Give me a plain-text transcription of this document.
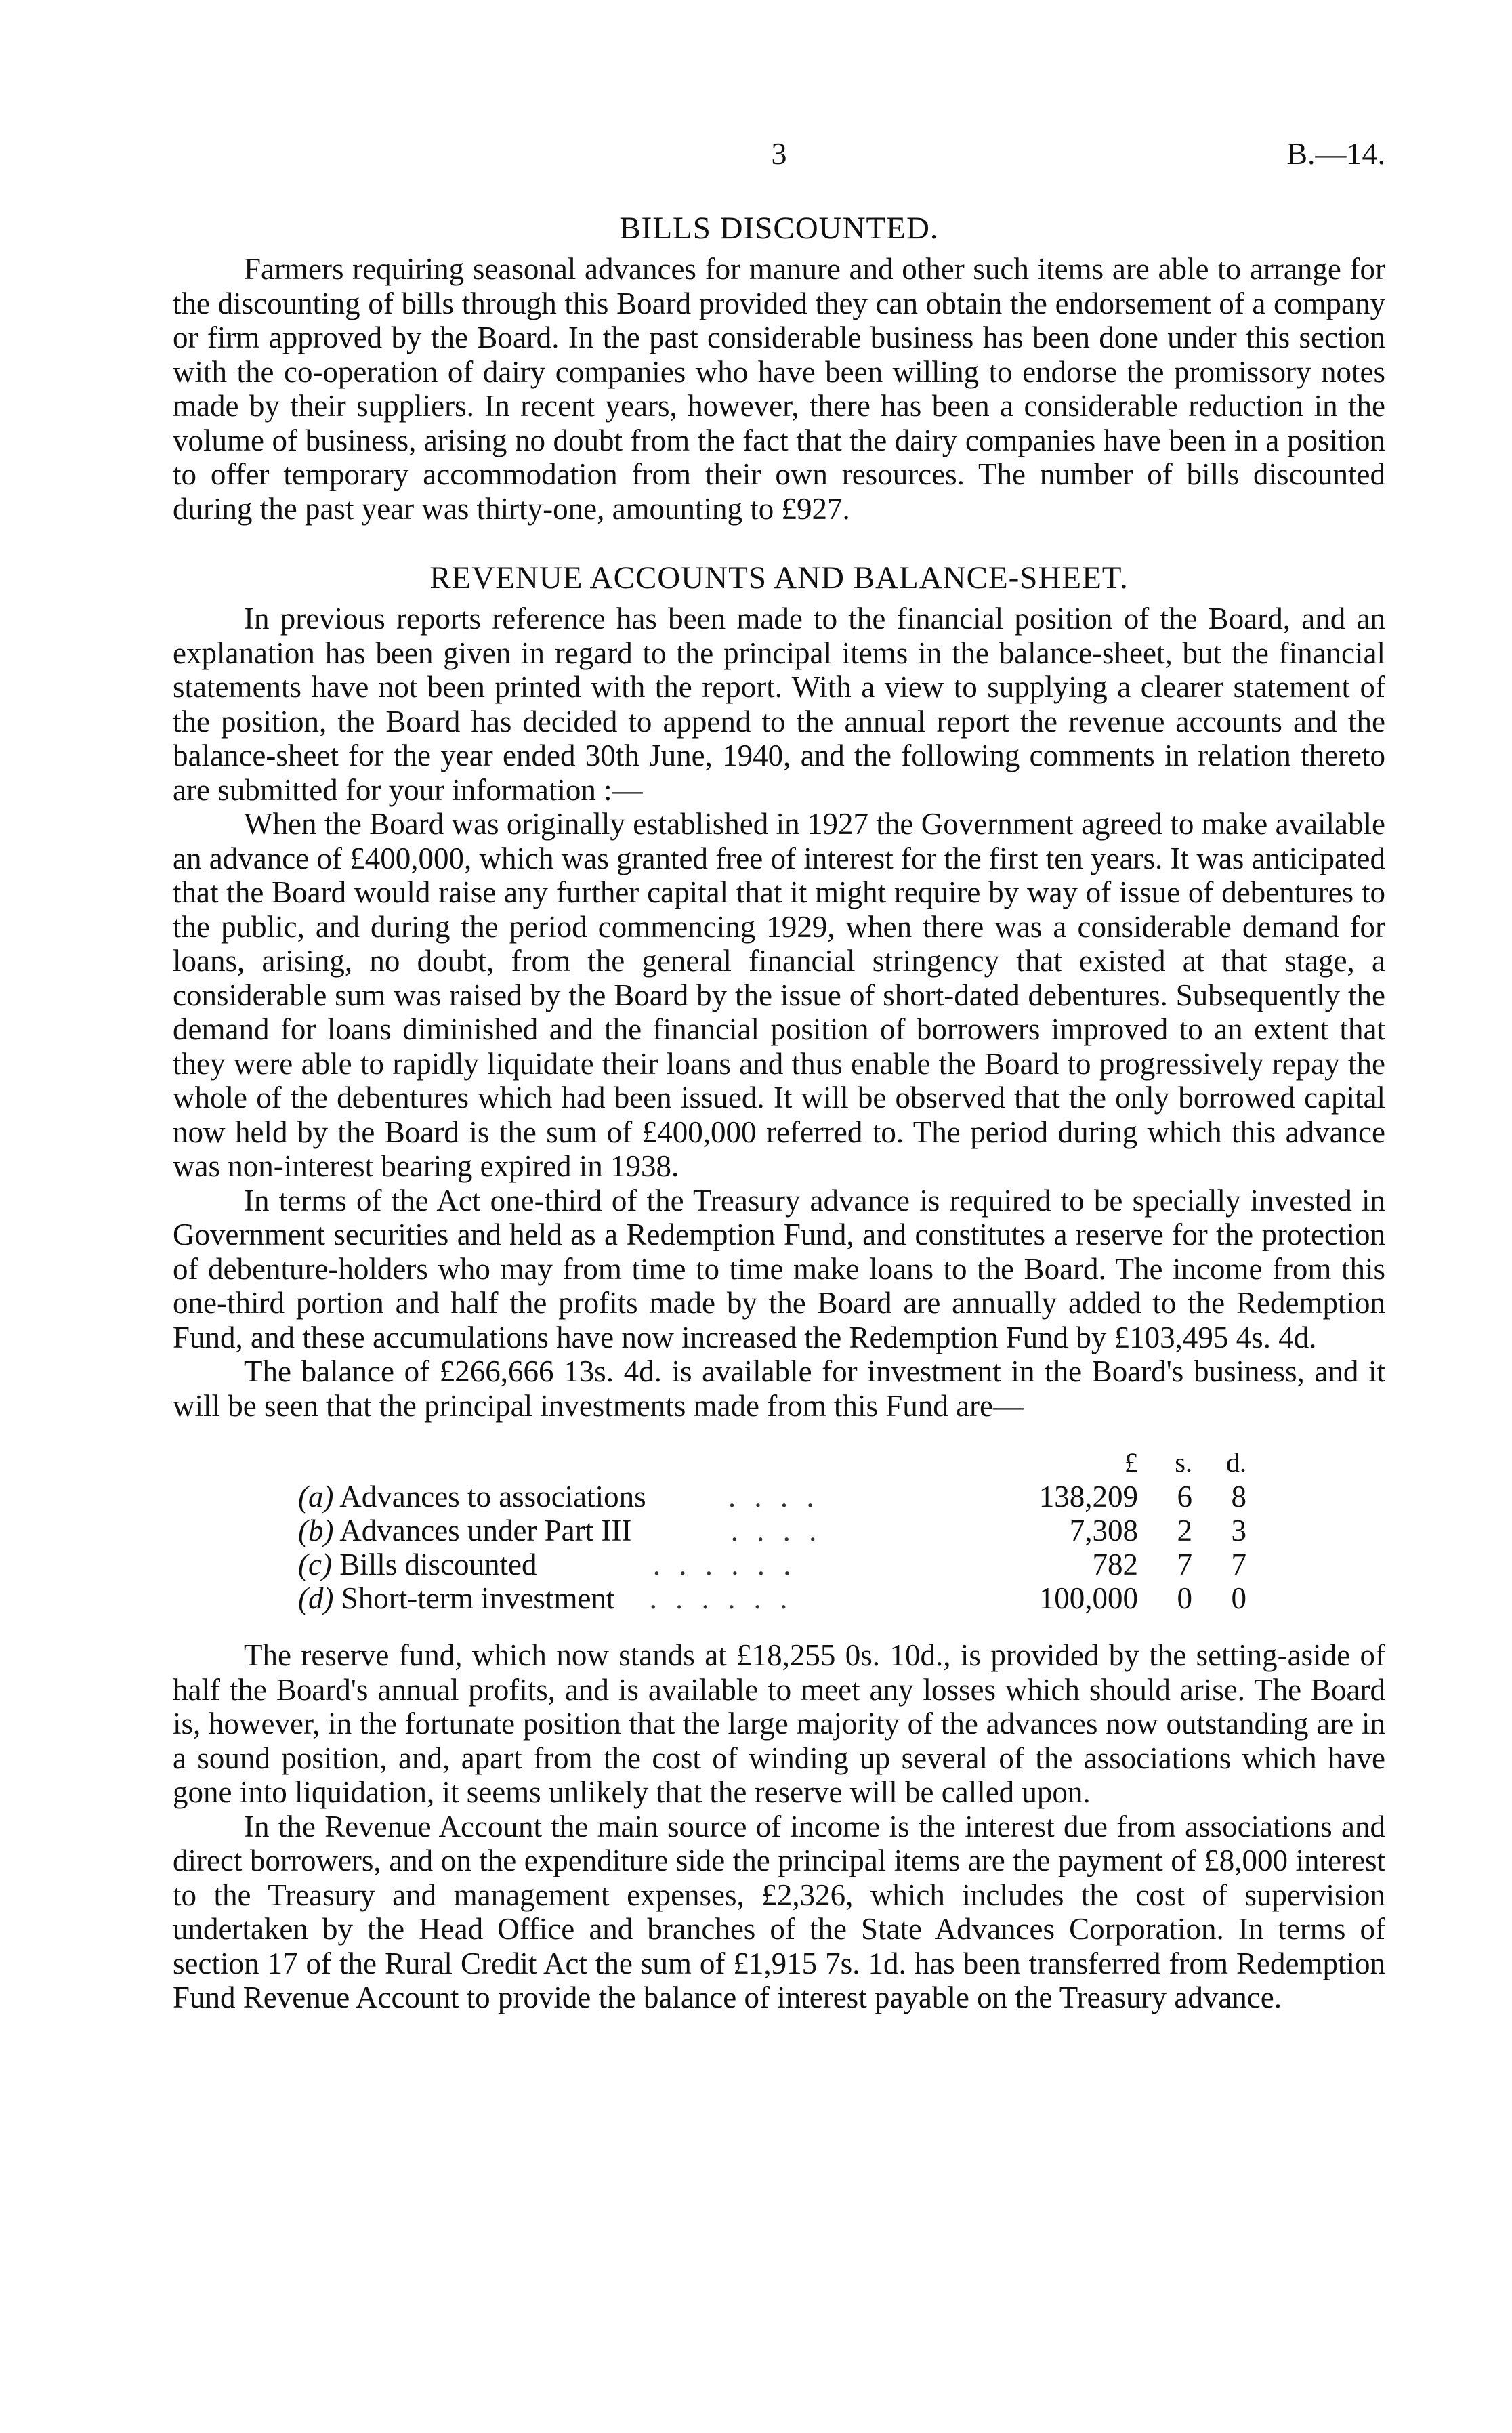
3	B.—14.
BILLS DISCOUNTED.

Farmers requiring seasonal advances for manure and other such items are able to arrange for the discounting of bills through this Board provided they can obtain the endorsement of a company or firm approved by the Board. In the past considerable business has been done under this section with the co-operation of dairy companies who have been willing to endorse the promissory notes made by their suppliers. In recent years, however, there has been a considerable reduction in the volume of business, arising no doubt from the fact that the dairy companies have been in a position to offer temporary accommodation from their own resources. The number of bills discounted during the past year was thirty-one, amounting to £927.

REVENUE ACCOUNTS AND BALANCE-SHEET.

In previous reports reference has been made to the financial position of the Board, and an explanation has been given in regard to the principal items in the balance-sheet, but the financial statements have not been printed with the report. With a view to supplying a clearer statement of the position, the Board has decided to append to the annual report the revenue accounts and the balance-sheet for the year ended 30th June, 1940, and the following comments in relation thereto are submitted for your information :—

When the Board was originally established in 1927 the Government agreed to make available an advance of £400,000, which was granted free of interest for the first ten years. It was anticipated that the Board would raise any further capital that it might require by way of issue of debentures to the public, and during the period commencing 1929, when there was a considerable demand for loans, arising, no doubt, from the general financial stringency that existed at that stage, a considerable sum was raised by the Board by the issue of short-dated debentures. Subsequently the demand for loans diminished and the financial position of borrowers improved to an extent that they were able to rapidly liquidate their loans and thus enable the Board to progressively repay the whole of the debentures which had been issued. It will be observed that the only borrowed capital now held by the Board is the sum of £400,000 referred to. The period during which this advance was non-interest bearing expired in 1938.

In terms of the Act one-third of the Treasury advance is required to be specially invested in Government securities and held as a Redemption Fund, and constitutes a reserve for the protection of debenture-holders who may from time to time make loans to the Board. The income from this one-third portion and half the profits made by the Board are annually added to the Redemption Fund, and these accumulations have now increased the Redemption Fund by £103,495 4s. 4d.

The balance of £266,666 13s. 4d. is available for investment in the Board's business, and it will be seen that the principal investments made from this Fund are—

£	s.	d.
(a) Advances to associations	. . . .	138,209	6	8
(b) Advances under Part III	. . . .	7,308	2	3
(c) Bills discounted	. . . . . .	782	7	7
(d) Short-term investment . . . . . .	100,000	0	0

The reserve fund, which now stands at £18,255 0s. 10d., is provided by the setting-aside of half the Board's annual profits, and is available to meet any losses which should arise. The Board is, however, in the fortunate position that the large majority of the advances now outstanding are in a sound position, and, apart from the cost of winding up several of the associations which have gone into liquidation, it seems unlikely that the reserve will be called upon.

In the Revenue Account the main source of income is the interest due from associations and direct borrowers, and on the expenditure side the principal items are the payment of £8,000 interest to the Treasury and management expenses, £2,326, which includes the cost of supervision undertaken by the Head Office and branches of the State Advances Corporation. In terms of section 17 of the Rural Credit Act the sum of £1,915 7s. 1d. has been transferred from Redemption Fund Revenue Account to provide the balance of interest payable on the Treasury advance.
